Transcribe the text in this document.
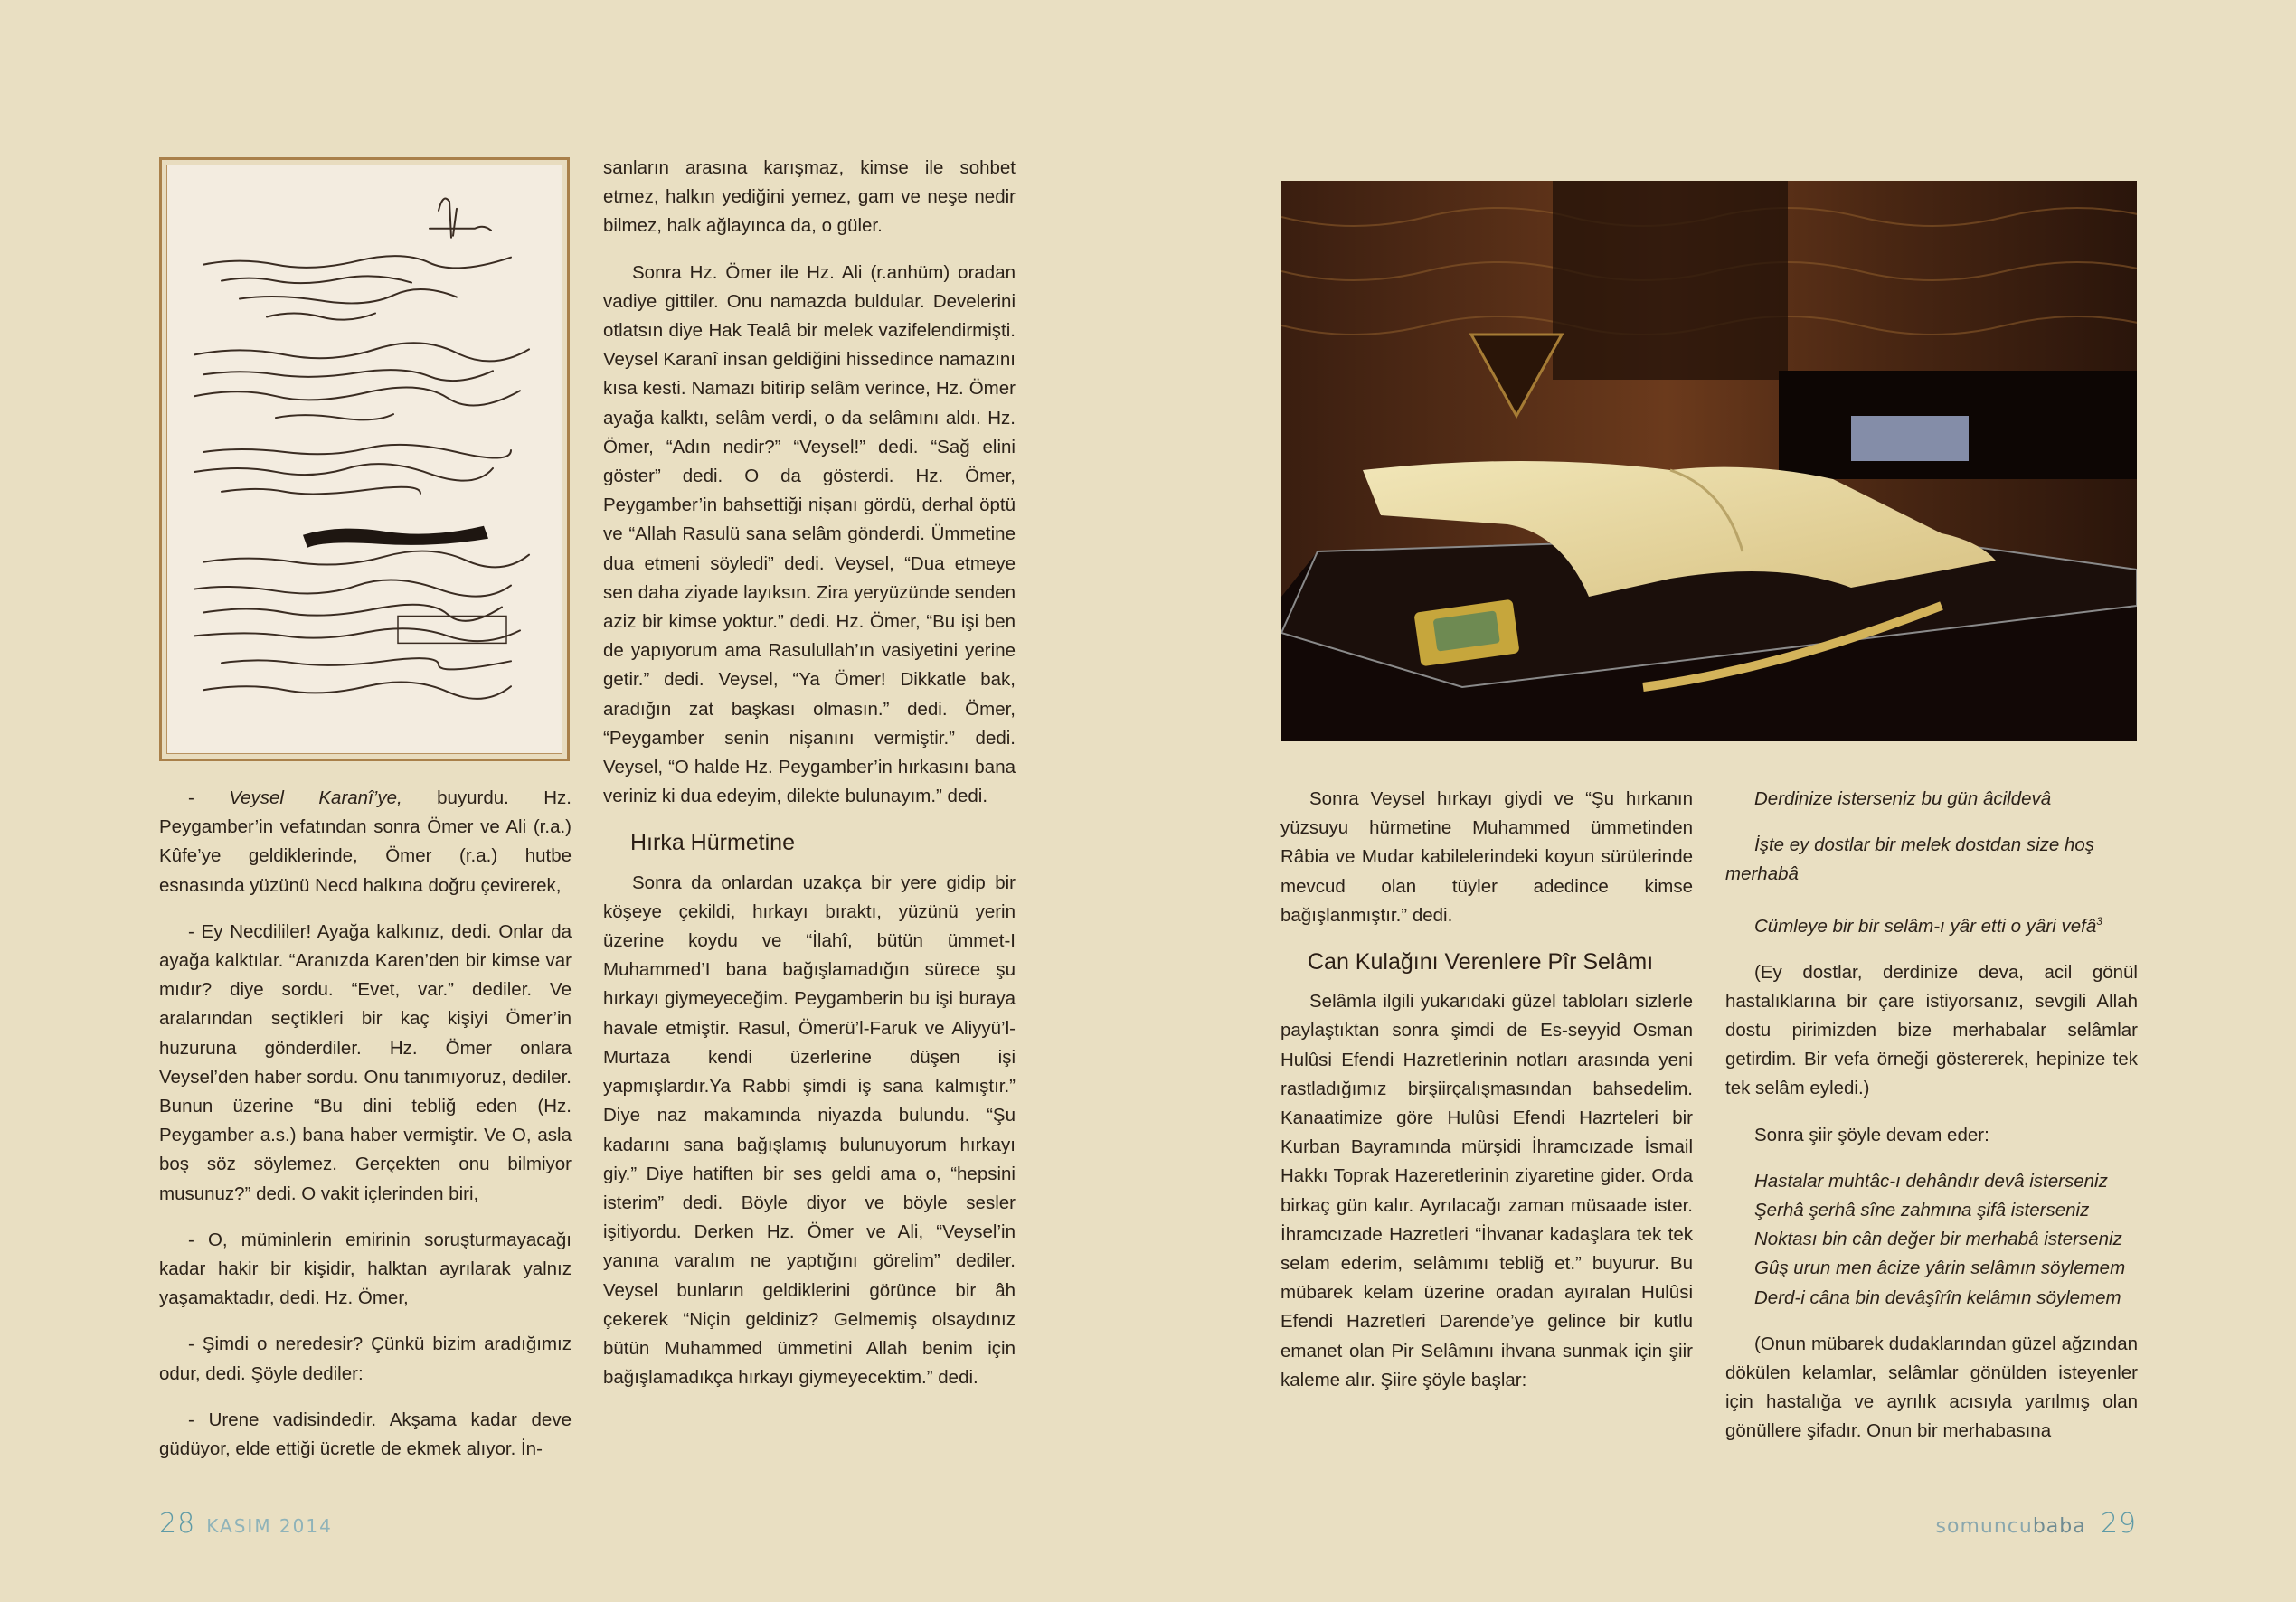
- Veysel Karanî’ye, buyurdu. Hz. Peygamber’in vefatından sonra Ömer ve Ali (r.a.) Kûfe’ye geldiklerinde, Ömer (r.a.) hutbe esnasında yüzünü Necd halkına doğru çevirerek,

- Ey Necdililer! Ayağa kalkınız, dedi. Onlar da ayağa kalktılar. “Aranızda Karen’den bir kimse var mıdır? diye sordu. “Evet, var.” dediler. Ve aralarından seçtikleri bir kaç kişiyi Ömer’in huzuruna gönderdiler. Hz. Ömer onlara Veysel’den haber sordu. Onu tanımıyoruz, dediler. Bunun üzerine “Bu dini tebliğ eden (Hz. Peygamber a.s.) bana haber vermiştir. Ve O, asla boş söz söylemez. Gerçekten onu bilmiyor musunuz?” dedi. O vakit içlerinden biri,

- O, müminlerin emirinin soruşturmayacağı kadar hakir bir kişidir, halktan ayrılarak yalnız yaşamaktadır, dedi. Hz. Ömer,

- Şimdi o neredesir? Çünkü bizim aradığımız odur, dedi. Şöyle dediler:

- Urene vadisindedir. Akşama kadar deve güdüyor, elde ettiği ücretle de ekmek alıyor. İn-

sanların arasına karışmaz, kimse ile sohbet etmez, halkın yediğini yemez, gam ve neşe nedir bilmez, halk ağlayınca da, o güler.

Sonra Hz. Ömer ile Hz. Ali (r.anhüm) oradan vadiye gittiler. Onu namazda buldular. Develerini otlatsın diye Hak Tealâ bir melek vazifelendirmişti. Veysel Karanî insan geldiğini hissedince namazını kısa kesti. Namazı bitirip selâm verince, Hz. Ömer ayağa kalktı, selâm verdi, o da selâmını aldı. Hz. Ömer, “Adın nedir?” “Veysel!” dedi. “Sağ elini göster” dedi. O da gösterdi. Hz. Ömer, Peygamber’in bahsettiği nişanı gördü, derhal öptü ve “Allah Rasulü sana selâm gönderdi. Ümmetine dua etmeni söyledi” dedi. Veysel, “Dua etmeye sen daha ziyade layıksın. Zira yeryüzünde senden aziz bir kimse yoktur.” dedi. Hz. Ömer, “Bu işi ben de yapıyorum ama Rasulullah’ın vasiyetini yerine getir.” dedi. Veysel, “Ya Ömer! Dikkatle bak, aradığın zat başkası olmasın.” dedi. Ömer, “Peygamber senin nişanını vermiştir.” dedi. Veysel, “O halde Hz. Peygamber’in hırkasını bana veriniz ki dua edeyim, dilekte bulunayım.” dedi.

Hırka Hürmetine

Sonra da onlardan uzakça bir yere gidip bir köşeye çekildi, hırkayı bıraktı, yüzünü yerin üzerine koydu ve “İlahî, bütün ümmet-I Muhammed’I bana bağışlamadığın sürece şu hırkayı giymeyeceğim. Peygamberin bu işi buraya havale etmiştir. Rasul, Ömerü’l-Faruk ve Aliyyü’l-Murtaza kendi üzerlerine düşen işi yapmışlardır.Ya Rabbi şimdi iş sana kalmıştır.” Diye naz makamında niyazda bulundu. “Şu kadarını sana bağışlamış bulunuyorum hırkayı giy.” Diye hatiften bir ses geldi ama o, “hepsini isterim” dedi. Böyle diyor ve böyle sesler işitiyordu. Derken Hz. Ömer ve Ali, “Veysel’in yanına varalım ne yaptığını görelim” dediler. Veysel bunların geldiklerini görünce bir âh çekerek “Niçin geldiniz? Gelmemiş olsaydınız bütün Muhammed ümmetini Allah benim için bağışlamadıkça hırkayı giymeyecektim.” dedi.

Sonra Veysel hırkayı giydi ve “Şu hırkanın yüzsuyu hürmetine Muhammed ümmetinden Râbia ve Mudar kabilelerindeki koyun sürülerinde mevcud olan tüyler adedince kimse bağışlanmıştır.” dedi.

Can Kulağını Verenlere Pîr Selâmı

Selâmla ilgili yukarıdaki güzel tabloları sizlerle paylaştıktan sonra şimdi de Es-seyyid Osman Hulûsi Efendi Hazretlerinin notları arasında yeni rastladığımız birşiirçalışmasından bahsedelim. Kanaatimize göre Hulûsi Efendi Hazrteleri bir Kurban Bayramında mürşidi İhramcızade İsmail Hakkı Toprak Hazeretlerinin ziyaretine gider. Orda birkaç gün kalır. Ayrılacağı zaman müsaade ister. İhramcızade Hazretleri “İhvanar kadaşlara tek tek selam ederim, selâmımı tebliğ et.” buyurur. Bu mübarek kelam üzerine oradan ayıralan Hulûsi Efendi Hazretleri Darende’ye gelince bir kutlu emanet olan Pir Selâmını ihvana sunmak için şiir kaleme alır. Şiire şöyle başlar:

Derdinize isterseniz bu gün âcildevâ
İşte ey dostlar bir melek dostdan size hoş
merhabâ
Cümleye bir bir selâm-ı yâr etti o yâri vefâ$^3$

(Ey dostlar, derdinize deva, acil gönül hastalıklarına bir çare istiyorsanız, sevgili Allah dostu pirimizden bize merhabalar selâmlar getirdim. Bir vefa örneği göstererek, hepinize tek tek selâm eyledi.)

Sonra şiir şöyle devam eder:

Hastalar muhtâc-ı dehândır devâ isterseniz
Şerhâ şerhâ sîne zahmına şifâ isterseniz
Noktası bin cân değer bir merhabâ isterseniz
Gûş urun men âcize yârin selâmın söylemem
Derd-i câna bin devâşîrîn kelâmın söylemem

(Onun mübarek dudaklarından güzel ağzından dökülen kelamlar, selâmlar gönülden isteyenler için hastalığa ve ayrılık acısıyla yarılmış olan gönüllere şifadır. Onun bir merhabasına

28 KASIM 2014	somuncubaba 29
